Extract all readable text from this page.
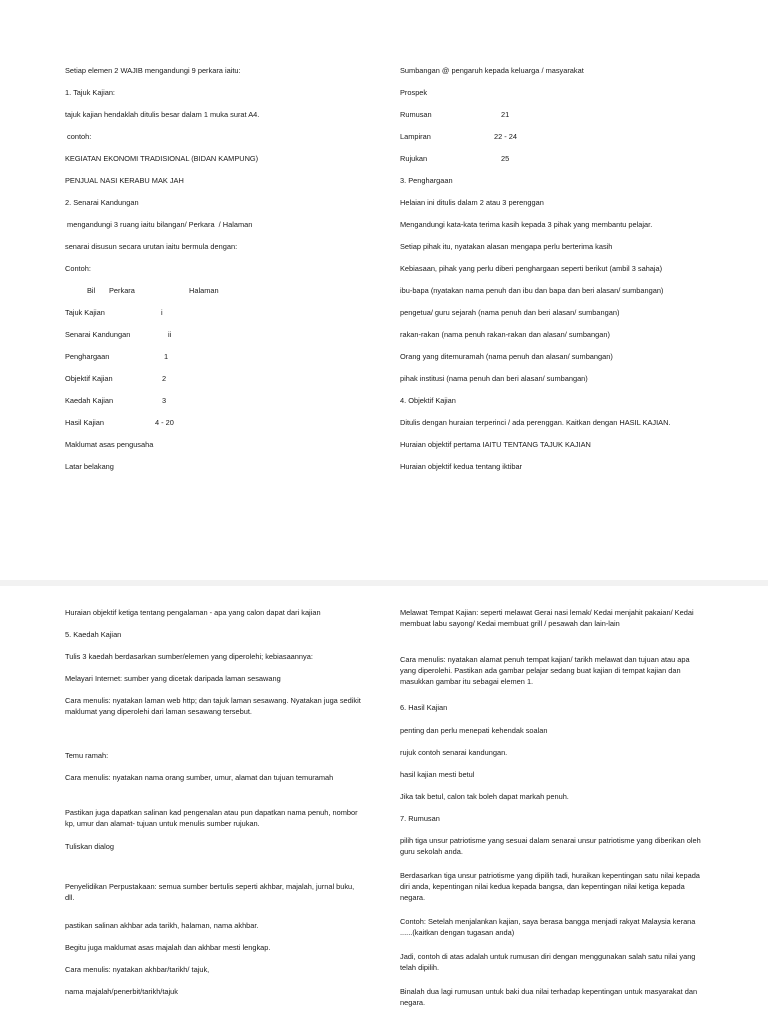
Setiap elemen 2 WAJIB mengandungi 9 perkara iaitu:

1. Tajuk Kajian:

tajuk kajian hendaklah ditulis besar dalam 1 muka surat A4.

contoh:

KEGIATAN EKONOMI TRADISIONAL (BIDAN KAMPUNG)

PENJUAL NASI KERABU MAK JAH

2. Senarai Kandungan

mengandungi 3 ruang iaitu bilangan/ Perkara  / Halaman

senarai disusun secara urutan iaitu bermula dengan:

Contoh:

Bil Perkara	Halaman
Tajuk Kajian	i
Senarai Kandungan	ii
Penghargaan	1
Objektif Kajian	2
Kaedah Kajian	3
Hasil Kajian	4 - 20

Maklumat asas pengusaha

Latar belakang

Sumbangan @ pengaruh kepada keluarga / masyarakat

Prospek

Rumusan	21
Lampiran	22 - 24
Rujukan	25

3. Penghargaan

Helaian ini ditulis dalam 2 atau 3 perenggan

Mengandungi kata-kata terima kasih kepada 3 pihak yang membantu pelajar.

Setiap pihak itu, nyatakan alasan mengapa perlu berterima kasih

Kebiasaan, pihak yang perlu diberi penghargaan seperti berikut (ambil 3 sahaja)

ibu-bapa (nyatakan nama penuh dan ibu dan bapa dan beri alasan/ sumbangan)

pengetua/ guru sejarah (nama penuh dan beri alasan/ sumbangan)

rakan-rakan (nama penuh rakan-rakan dan alasan/ sumbangan)

Orang yang ditemuramah (nama penuh dan alasan/ sumbangan)

pihak institusi (nama penuh dan beri alasan/ sumbangan)

4. Objektif Kajian

Ditulis dengan huraian terperinci / ada perenggan. Kaitkan dengan HASIL KAJIAN.

Huraian objektif pertama IAITU TENTANG TAJUK KAJIAN

Huraian objektif kedua tentang iktibar

Huraian objektif ketiga tentang pengalaman - apa yang calon dapat dari kajian

5. Kaedah Kajian

Tulis 3 kaedah berdasarkan sumber/elemen yang diperolehi; kebiasaannya:

Melayari Internet: sumber yang dicetak daripada laman sesawang

Cara menulis: nyatakan laman web http; dan tajuk laman sesawang. Nyatakan juga sedikit maklumat yang diperolehi dari laman sesawang tersebut.

Temu ramah:

Cara menulis: nyatakan nama orang sumber, umur, alamat dan tujuan temuramah

Pastikan juga dapatkan salinan kad pengenalan atau pun dapatkan nama penuh, nombor kp, umur dan alamat- tujuan untuk menulis sumber rujukan.

Tuliskan dialog

Penyelidikan Perpustakaan: semua sumber bertulis seperti akhbar, majalah, jurnal buku, dll.

pastikan salinan akhbar ada tarikh, halaman, nama akhbar.

Begitu juga maklumat asas majalah dan akhbar mesti lengkap.

Cara menulis: nyatakan akhbar/tarikh/ tajuk,

nama majalah/penerbit/tarikh/tajuk

Melawat Tempat Kajian: seperti melawat Gerai nasi lemak/ Kedai menjahit pakaian/ Kedai membuat labu sayong/ Kedai membuat grill / pesawah dan lain-lain

Cara menulis: nyatakan alamat penuh tempat kajian/ tarikh melawat dan tujuan atau apa yang diperolehi. Pastikan ada gambar pelajar sedang buat kajian di tempat kajian dan masukkan gambar itu sebagai elemen 1.

6. Hasil Kajian

penting dan perlu menepati kehendak soalan

rujuk contoh senarai kandungan.

hasil kajian mesti betul

Jika tak betul, calon tak boleh dapat markah penuh.

7. Rumusan

pilih tiga unsur patriotisme yang sesuai dalam senarai unsur patriotisme yang diberikan oleh guru sekolah anda.

Berdasarkan tiga unsur patriotisme yang dipilih tadi, huraikan kepentingan satu nilai kepada diri anda, kepentingan nilai kedua kepada bangsa, dan kepentingan nilai ketiga kepada negara.

Contoh: Setelah menjalankan kajian, saya berasa bangga menjadi rakyat Malaysia kerana ......(kaitkan dengan tugasan anda)

Jadi, contoh di atas adalah untuk rumusan diri dengan menggunakan salah satu nilai yang telah dipilih.

Binalah dua lagi rumusan untuk baki dua nilai terhadap kepentingan untuk masyarakat dan negara.
